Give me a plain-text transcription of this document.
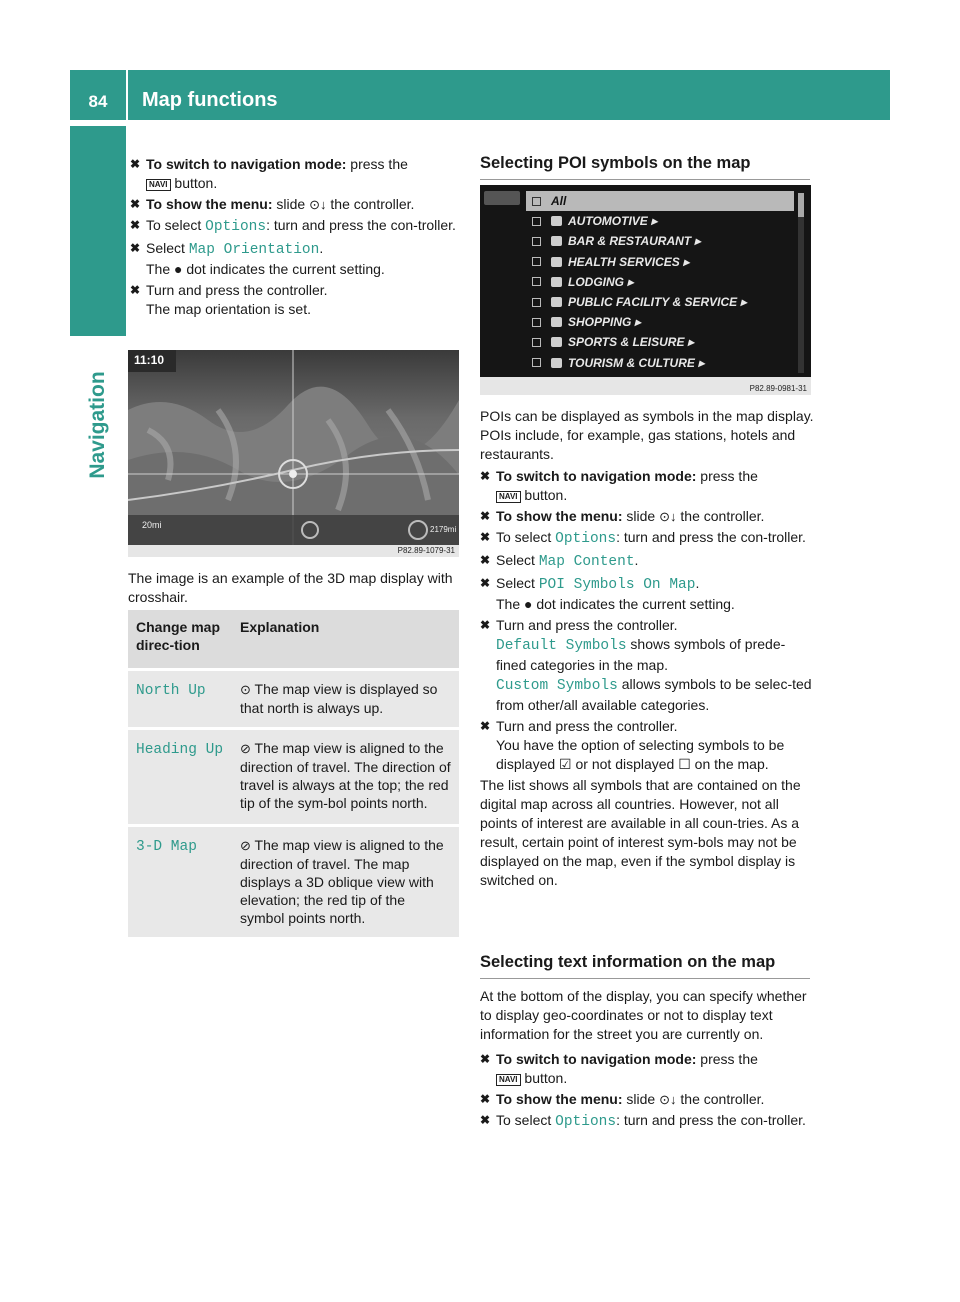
84	Map functions
Navigation
✖ To switch to navigation mode: press the
NAVI button.
✖ To show the menu: slide ⊙↓ the controller.
✖ To select Options: turn and press the con-troller.
✖ Select Map Orientation.
The ● dot indicates the current setting.
✖ Turn and press the controller.
The map orientation is set.
11:10
20mi	2179mi
P82.89-1079-31
The image is an example of the 3D map display with crosshair.
Change map direc-tion	Explanation
North Up	⊙ The map view is displayed so that north is always up.
Heading Up	⊘ The map view is aligned to the direction of travel. The direction of travel is always at the top; the red tip of the sym-bol points north.
3-D Map	⊘ The map view is aligned to the direction of travel. The map displays a 3D oblique view with elevation; the red tip of the symbol points north.
Selecting POI symbols on the map
All
AUTOMOTIVE ▸
BAR & RESTAURANT ▸
HEALTH SERVICES ▸
LODGING ▸
PUBLIC FACILITY & SERVICE ▸
SHOPPING ▸
SPORTS & LEISURE ▸
TOURISM & CULTURE ▸
P82.89-0981-31
POIs can be displayed as symbols in the map display. POIs include, for example, gas stations, hotels and restaurants.
✖ To switch to navigation mode: press the
NAVI button.
✖ To show the menu: slide ⊙↓ the controller.
✖ To select Options: turn and press the con-troller.
✖ Select Map Content.
✖ Select POI Symbols On Map.
The ● dot indicates the current setting.
✖ Turn and press the controller.
Default Symbols shows symbols of prede-fined categories in the map.
Custom Symbols allows symbols to be selec-ted from other/all available categories.
✖ Turn and press the controller.
You have the option of selecting symbols to be displayed ☑ or not displayed ☐ on the map.
The list shows all symbols that are contained on the digital map across all countries. However, not all points of interest are available in all coun-tries. As a result, certain point of interest sym-bols may not be displayed on the map, even if the symbol display is switched on.
Selecting text information on the map
At the bottom of the display, you can specify whether to display geo-coordinates or not to display text information for the street you are currently on.
✖ To switch to navigation mode: press the
NAVI button.
✖ To show the menu: slide ⊙↓ the controller.
✖ To select Options: turn and press the con-troller.
